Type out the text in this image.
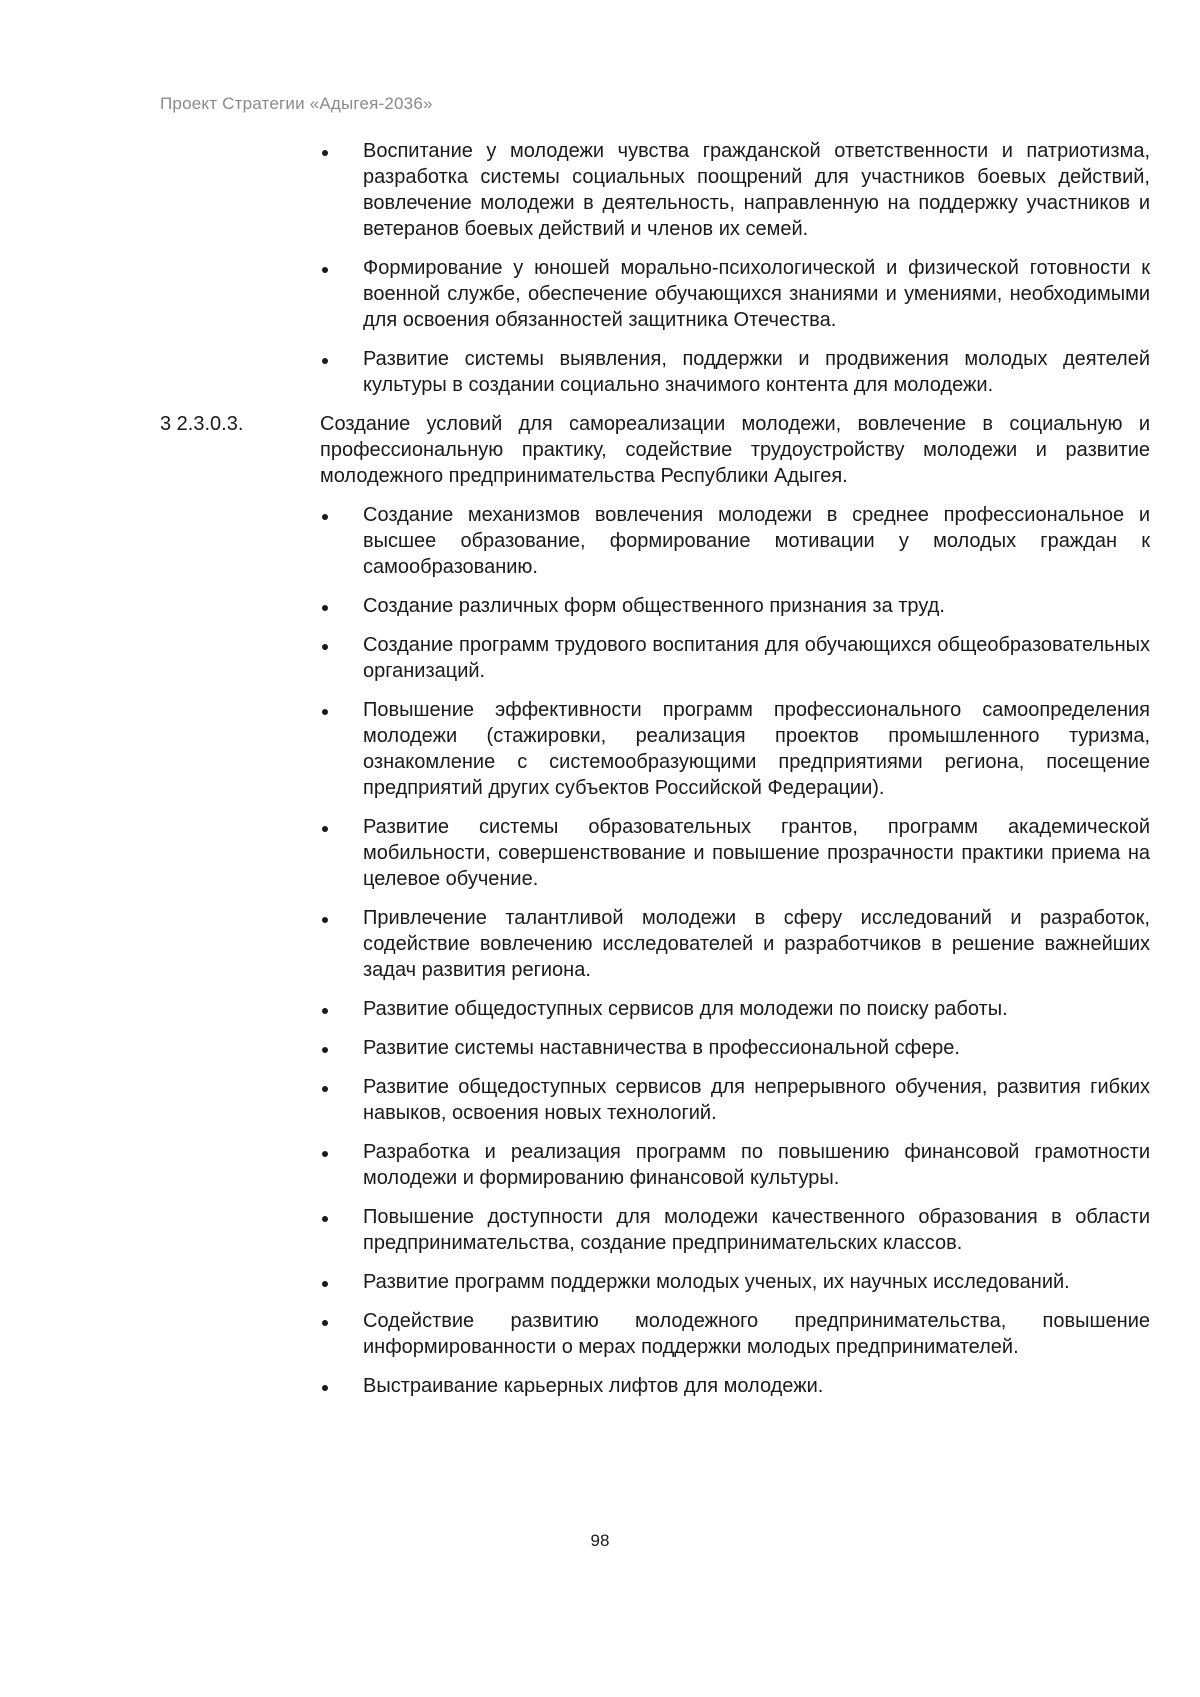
Проект Стратегии «Адыгея-2036»
Воспитание у молодежи чувства гражданской ответственности и патриотизма, разработка системы социальных поощрений для участников боевых действий, вовлечение молодежи в деятельность, направленную на поддержку участников и ветеранов боевых действий и членов их семей.
Формирование у юношей морально-психологической и физической готовности к военной службе, обеспечение обучающихся знаниями и умениями, необходимыми для освоения обязанностей защитника Отечества.
Развитие системы выявления, поддержки и продвижения молодых деятелей культуры в создании социально значимого контента для молодежи.
3 2.3.0.3.	Создание условий для самореализации молодежи, вовлечение в социальную и профессиональную практику, содействие трудоустройству молодежи и развитие молодежного предпринимательства Республики Адыгея.
Создание механизмов вовлечения молодежи в среднее профессиональное и высшее образование, формирование мотивации у молодых граждан к самообразованию.
Создание различных форм общественного признания за труд.
Создание программ трудового воспитания для обучающихся общеобразовательных организаций.
Повышение эффективности программ профессионального самоопределения молодежи (стажировки, реализация проектов промышленного туризма, ознакомление с системообразующими предприятиями региона, посещение предприятий других субъектов Российской Федерации).
Развитие системы образовательных грантов, программ академической мобильности, совершенствование и повышение прозрачности практики приема на целевое обучение.
Привлечение талантливой молодежи в сферу исследований и разработок, содействие вовлечению исследователей и разработчиков в решение важнейших задач развития региона.
Развитие общедоступных сервисов для молодежи по поиску работы.
Развитие системы наставничества в профессиональной сфере.
Развитие общедоступных сервисов для непрерывного обучения, развития гибких навыков, освоения новых технологий.
Разработка и реализация программ по повышению финансовой грамотности молодежи и формированию финансовой культуры.
Повышение доступности для молодежи качественного образования в области предпринимательства, создание предпринимательских классов.
Развитие программ поддержки молодых ученых, их научных исследований.
Содействие развитию молодежного предпринимательства, повышение информированности о мерах поддержки молодых предпринимателей.
Выстраивание карьерных лифтов для молодежи.
98
